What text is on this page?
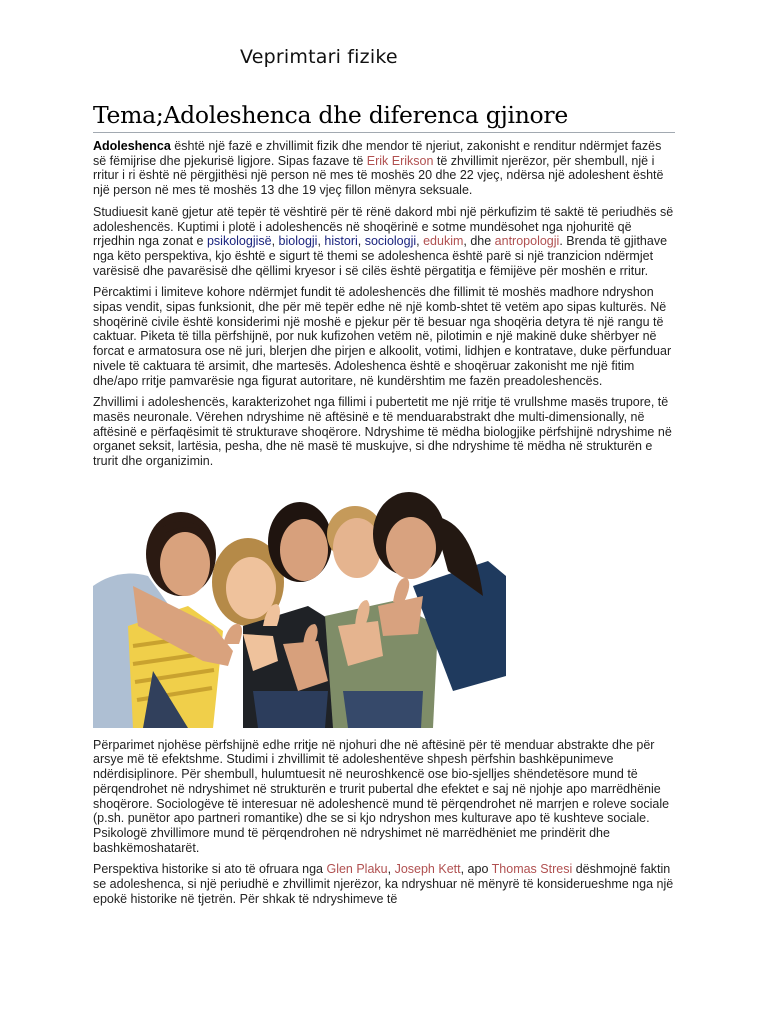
Veprimtari fizike
Tema;Adoleshenca dhe diferenca gjinore

Adoleshenca është një fazë e zhvillimit fizik dhe mendor të njeriut, zakonisht e renditur ndërmjet fazës së fëmijrise dhe pjekurisë ligjore. Sipas fazave të Erik Erikson të zhvillimit njerëzor, për shembull, një i rritur i ri është në përgjithësi një person në mes të moshës 20 dhe 22 vjeç, ndërsa një adoleshent është një person në mes të moshës 13 dhe 19 vjeç fillon mënyra seksuale.

Studiuesit kanë gjetur atë tepër të vështirë për të rënë dakord mbi një përkufizim të saktë të periudhës së adoleshencës. Kuptimi i plotë i adoleshencës në shoqërinë e sotme mundësohet nga njohuritë që rrjedhin nga zonat e psikologjisë, biologji, histori, sociologji, edukim, dhe antropologji. Brenda të gjithave nga këto perspektiva, kjo është e sigurt të themi se adoleshenca është parë si një tranzicion ndërmjet varësisë dhe pavarësisë dhe qëllimi kryesor i së cilës është përgatitja e fëmijëve për moshën e rritur.

Përcaktimi i limiteve kohore ndërmjet fundit të adoleshencës dhe fillimit të moshës madhore ndryshon sipas vendit, sipas funksionit, dhe për më tepër edhe në një komb-shtet të vetëm apo sipas kulturës. Në shoqërinë civile është konsiderimi një moshë e pjekur për të besuar nga shoqëria detyra të një rangu të caktuar. Piketa të tilla përfshijnë, por nuk kufizohen vetëm në, pilotimin e një makinë duke shërbyer në forcat e armatosura ose në juri, blerjen dhe pirjen e alkoolit, votimi, lidhjen e kontratave, duke përfunduar nivele të caktuara të arsimit, dhe martesës. Adoleshenca është e shoqëruar zakonisht me një fitim dhe/apo rritje pamvarësie nga figurat autoritare, në kundërshtim me fazën preadoleshencës.

Zhvillimi i adoleshencës, karakterizohet nga fillimi i pubertetit me një rritje të vrullshme masës trupore, të masës neuronale. Vërehen ndryshime në aftësinë e të menduarabstrakt dhe multi-dimensionally, në aftësinë e përfaqësimit të strukturave shoqërore. Ndryshime të mëdha biologjike përfshijnë ndryshime në organet seksit, lartësia, pesha, dhe në masë të muskujve, si dhe ndryshime të mëdha në strukturën e trurit dhe organizimin.

Përparimet njohëse përfshijnë edhe rritje në njohuri dhe në aftësinë për të menduar abstrakte dhe për arsye më të efektshme. Studimi i zhvillimit të adoleshentëve shpesh përfshin bashkëpunimeve ndërdisiplinore. Për shembull, hulumtuesit në neuroshkencë ose bio-sjelljes shëndetësore mund të përqendrohet në ndryshimet në strukturën e trurit pubertal dhe efektet e saj në njohje apo marrëdhënie shoqërore. Sociologëve të interesuar në adoleshencë mund të përqendrohet në marrjen e roleve sociale (p.sh. punëtor apo partneri romantike) dhe se si kjo ndryshon mes kulturave apo të kushteve sociale. Psikologë zhvillimore mund të përqendrohen në ndryshimet në marrëdhëniet me prindërit dhe bashkëmoshatarët.

Perspektiva historike si ato të ofruara nga Glen Plaku, Joseph Kett, apo Thomas Stresi dëshmojnë faktin se adoleshenca, si një periudhë e zhvillimit njerëzor, ka ndryshuar në mënyrë të konsiderueshme nga një epokë historike në tjetrën. Për shkak të ndryshimeve të
